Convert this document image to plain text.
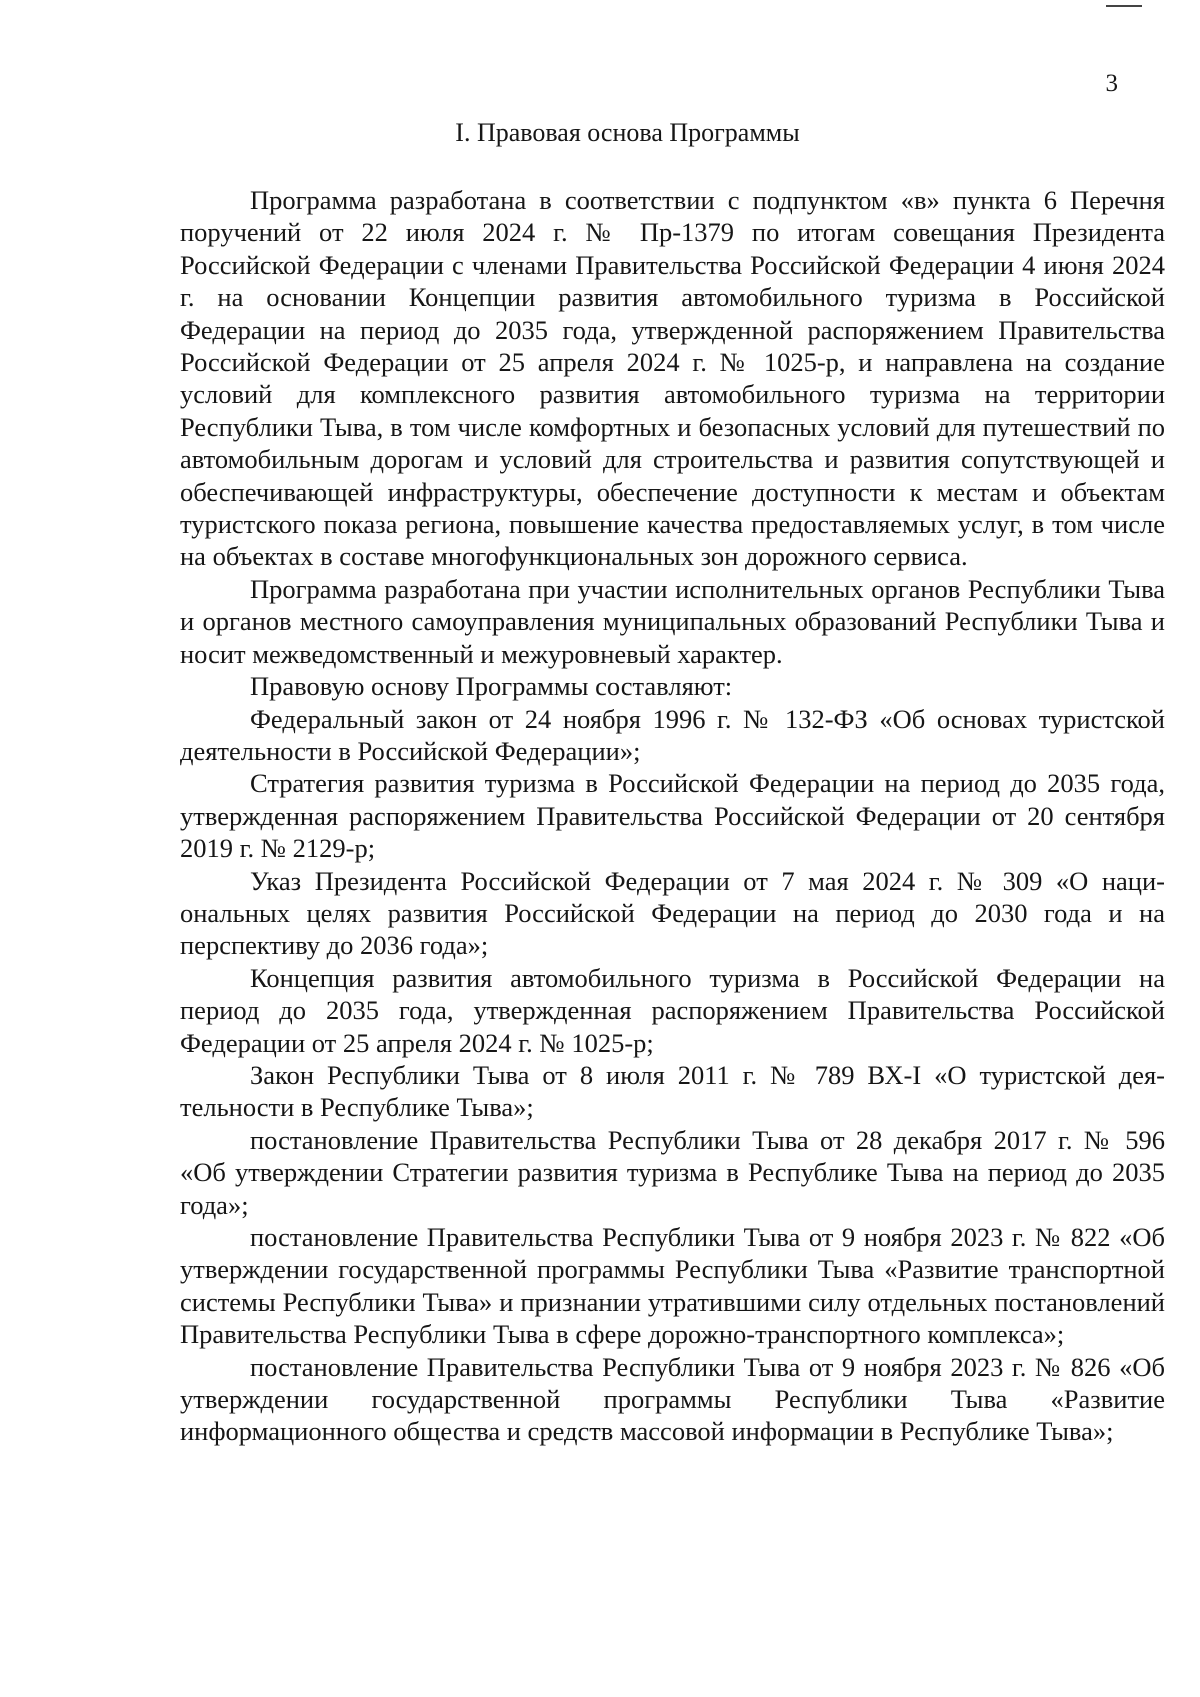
3
I. Правовая основа Программы

Программа разработана в соответствии с подпунктом «в» пункта 6 Перечня поручений от 22 июля 2024 г. № Пр-1379 по итогам совещания Президента Российской Федерации с членами Правительства Российской Федерации 4 июня 2024 г. на основании Концепции развития автомобильного туризма в Российской Федерации на период до 2035 года, утвержденной распоряжением Правительства Российской Федерации от 25 апреля 2024 г. № 1025-р, и направлена на создание условий для комплексного развития автомобильного туризма на территории Республики Тыва, в том числе комфортных и безопасных условий для путешествий по автомобильным дорогам и условий для строительства и развития сопутствующей и обеспечивающей инфраструктуры, обеспечение доступности к местам и объектам туристского показа региона, повышение качества предоставляемых услуг, в том числе на объектах в составе многофункциональных зон дорожного сервиса.

Программа разработана при участии исполнительных органов Республики Тыва и органов местного самоуправления муниципальных образований Республики Тыва и носит межведомственный и межуровневый характер.

Правовую основу Программы составляют:

Федеральный закон от 24 ноября 1996 г. № 132-ФЗ «Об основах туристской деятельности в Российской Федерации»;

Стратегия развития туризма в Российской Федерации на период до 2035 года, утвержденная распоряжением Правительства Российской Федерации от 20 сентября 2019 г. № 2129-р;

Указ Президента Российской Федерации от 7 мая 2024 г. № 309 «О национальных целях развития Российской Федерации на период до 2030 года и на перспективу до 2036 года»;

Концепция развития автомобильного туризма в Российской Федерации на период до 2035 года, утвержденная распоряжением Правительства Российской Федерации от 25 апреля 2024 г. № 1025-р;

Закон Республики Тыва от 8 июля 2011 г. № 789 ВХ-I «О туристской деятельности в Республике Тыва»;

постановление Правительства Республики Тыва от 28 декабря 2017 г. № 596 «Об утверждении Стратегии развития туризма в Республике Тыва на период до 2035 года»;

постановление Правительства Республики Тыва от 9 ноября 2023 г. № 822 «Об утверждении государственной программы Республики Тыва «Развитие транспортной системы Республики Тыва» и признании утратившими силу отдельных постановлений Правительства Республики Тыва в сфере дорожно-транспортного комплекса»;

постановление Правительства Республики Тыва от 9 ноября 2023 г. № 826 «Об утверждении государственной программы Республики Тыва «Развитие информационного общества и средств массовой информации в Республике Тыва»;
